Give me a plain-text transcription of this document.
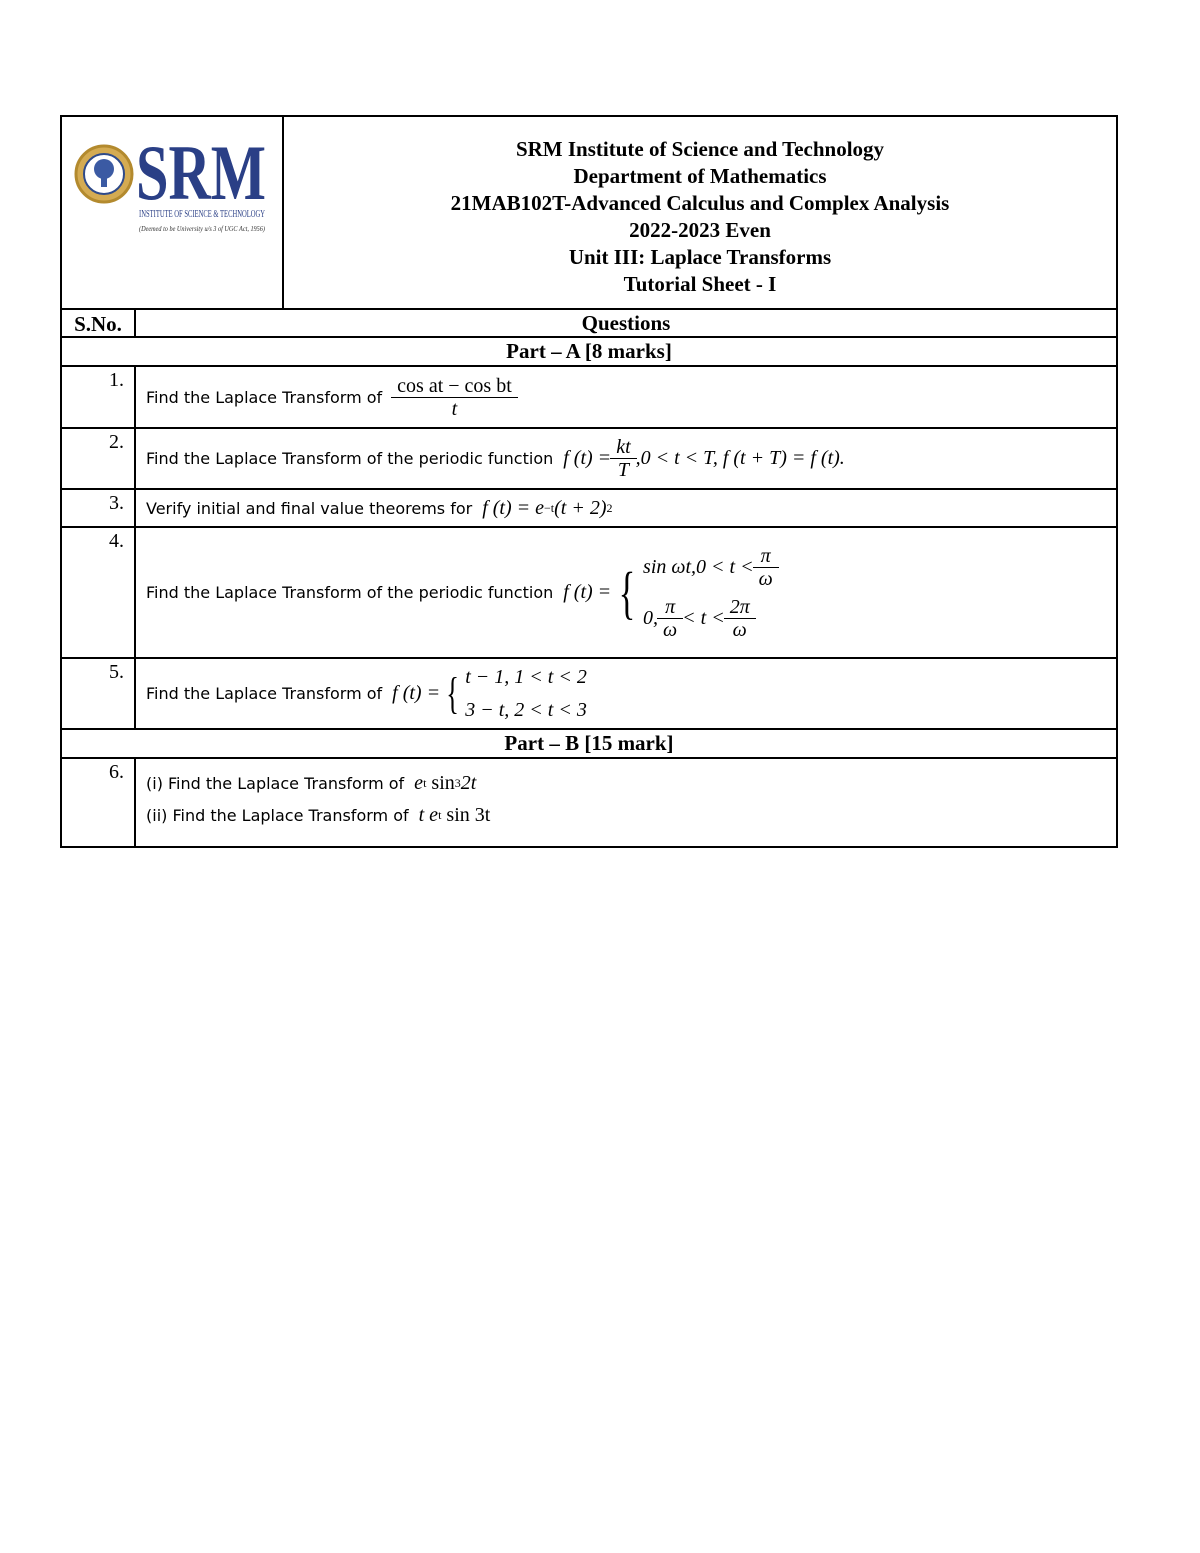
SRM
INSTITUTE OF SCIENCE & TECHNOLOGY
(Deemed to be University u/s 3 of UGC Act, 1956)
SRM Institute of Science and Technology
Department of Mathematics
21MAB102T-Advanced Calculus and Complex Analysis
2022-2023 Even
Unit III: Laplace Transforms
Tutorial Sheet - I
S.No.	Questions
Part – A [8 marks]
1.
Find the Laplace Transform of $\frac{\text{cos at − cos bt}}{t}$
2.
Find the Laplace Transform of the periodic function f $(t) = \frac{kt}{T} ,0 < t < T$, f (t + T) = f (t).
3.	Verify initial and final value theorems for f (t) = e −t (t + 2) 2
4.
Find the Laplace Transform of the periodic function f (t) = { $\sin \omega t,0 < t < \frac{\pi}{\omega}$
0, $\frac{\pi}{\omega} < t < \frac{2\pi}{\omega}$
5.
Find the Laplace Transform of f (t) = { t − 1, 1 < t < 2
3 − t, 2 < t < 3
Part – B [15 mark]
6.	(i) Find the Laplace Transform of e t
sin 3 2t
(ii) Find the Laplace Transform of t e t
sin 3t
